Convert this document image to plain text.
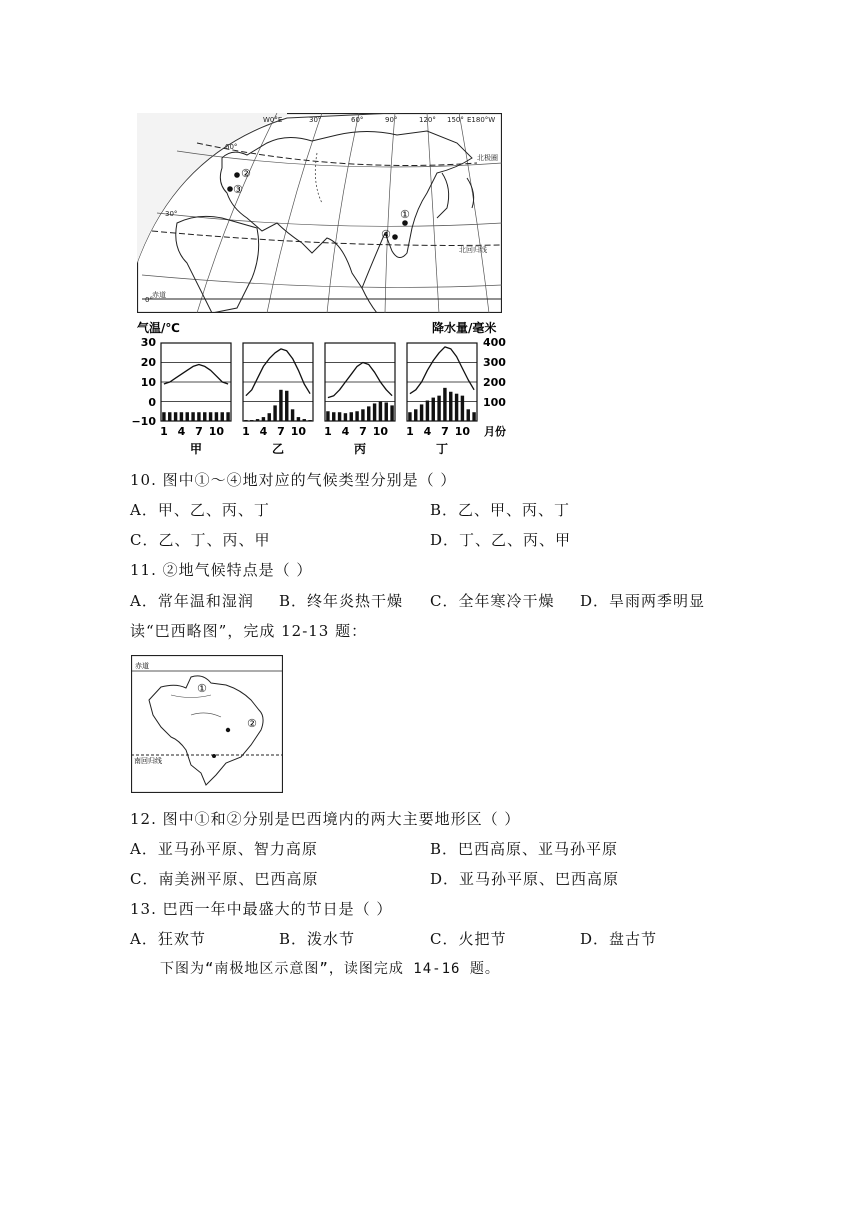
②
③
①
④
W0°E	30°	60°	90°	120° 150° E180°W
60°
30°
0°
北极圈
北回归线
赤道
气温/℃	降水量/毫米
30
20
10
0
−10
400
300
200
100
月份
1 4 7 10
甲
1 4 7 10
乙
1 4 7 10
丙
1 4 7 10
丁
10. 图中①～④地对应的气候类型分别是（ ）
A．甲、乙、丙、丁	B．乙、甲、丙、丁
C．乙、丁、丙、甲	D．丁、乙、丙、甲
11. ②地气候特点是（ ）
A．常年温和湿润 B．终年炎热干燥 C．全年寒冷干燥 D．旱雨两季明显
读“巴西略图”，完成 12-13 题：
赤道
南回归线
①
②
12. 图中①和②分别是巴西境内的两大主要地形区（ ）
A．亚马孙平原、智力高原	B．巴西高原、亚马孙平原
C．南美洲平原、巴西高原	D．亚马孙平原、巴西高原
13. 巴西一年中最盛大的节日是（ ）
A．狂欢节	B．泼水节	C．火把节	D．盘古节
下图为“南极地区示意图”，读图完成 14-16 题。
